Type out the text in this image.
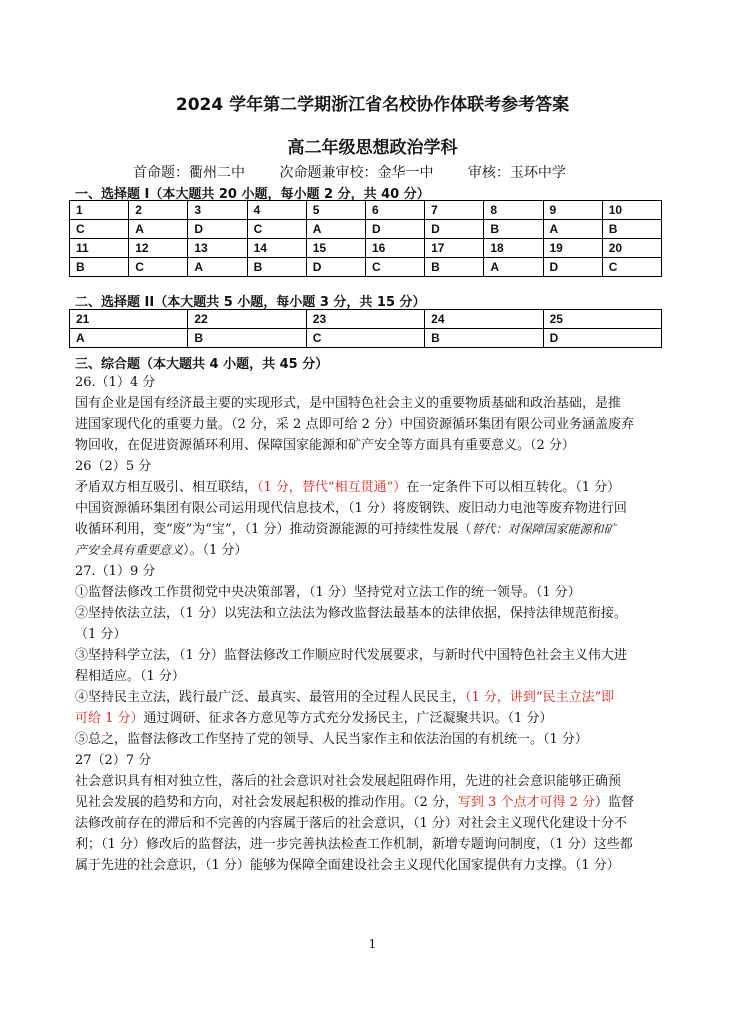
2024 学年第二学期浙江省名校协作体联考参考答案
高二年级思想政治学科
首命题：衢州二中 次命题兼审校：金华一中 审核：玉环中学
一、选择题 I（本大题共 20 小题，每小题 2 分，共 40 分）
1	2	3	4	5	6	7	8	9	10
C	A	D	C	A	D	D	B	A	B
11	12	13	14	15	16	17	18	19	20
B	C	A	B	D	C	B	A	D	C
二、选择题 II（本大题共 5 小题，每小题 3 分，共 15 分）
21	22	23	24	25
A	B	C	B	D
三、综合题（本大题共 4 小题，共 45 分）
26.（1）4 分
国有企业是国有经济最主要的实现形式，是中国特色社会主义的重要物质基础和政治基础，是推
进国家现代化的重要力量。（2 分，采 2 点即可给 2 分）中国资源循环集团有限公司业务涵盖废弃
物回收，在促进资源循环利用、保障国家能源和矿产安全等方面具有重要意义。（2 分）
26（2）5 分
矛盾双方相互吸引、相互联结，（1 分，替代“相互贯通”）在一定条件下可以相互转化。（1 分）
中国资源循环集团有限公司运用现代信息技术，（1 分）将废钢铁、废旧动力电池等废弃物进行回
收循环利用，变“废”为“宝”，（1 分）推动资源能源的可持续性发展（替代：对保障国家能源和矿
产安全具有重要意义）。（1 分）
27.（1）9 分
①监督法修改工作贯彻党中央决策部署，（1 分）坚持党对立法工作的统一领导。（1 分）
②坚持依法立法，（1 分）以宪法和立法法为修改监督法最基本的法律依据，保持法律规范衔接。
（1 分）
③坚持科学立法，（1 分）监督法修改工作顺应时代发展要求，与新时代中国特色社会主义伟大进
程相适应。（1 分）
④坚持民主立法，践行最广泛、最真实、最管用的全过程人民民主，（1 分，讲到“民主立法”即
可给 1 分）通过调研、征求各方意见等方式充分发扬民主，广泛凝聚共识。（1 分）
⑤总之，监督法修改工作坚持了党的领导、人民当家作主和依法治国的有机统一。（1 分）
27（2）7 分
社会意识具有相对独立性，落后的社会意识对社会发展起阻碍作用，先进的社会意识能够正确预
见社会发展的趋势和方向，对社会发展起积极的推动作用。（2 分，写到 3 个点才可得 2 分）监督
法修改前存在的滞后和不完善的内容属于落后的社会意识，（1 分）对社会主义现代化建设十分不
利；（1 分）修改后的监督法，进一步完善执法检查工作机制，新增专题询问制度，（1 分）这些都
属于先进的社会意识，（1 分）能够为保障全面建设社会主义现代化国家提供有力支撑。（1 分）
1
